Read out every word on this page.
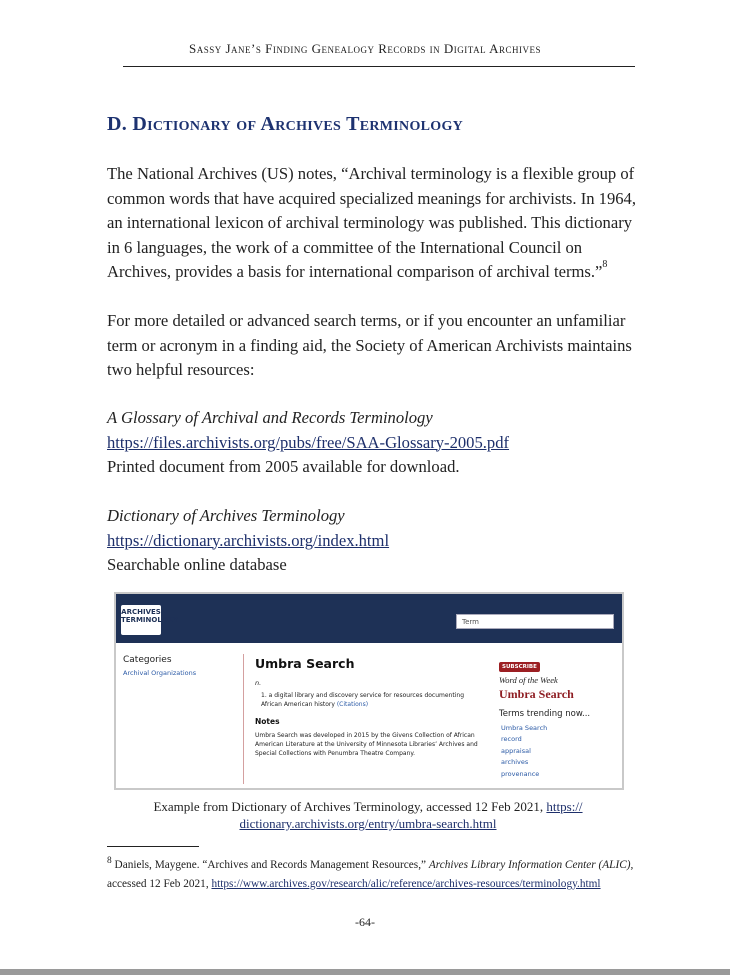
Sassy Jane’s Finding Genealogy Records in Digital Archives
D. Dictionary of Archives Terminology

The National Archives (US) notes, “Archival terminology is a flexible group of
common words that have acquired specialized meanings for archivists. In 1964,
an international lexicon of archival terminology was published. This dictionary
in 6 languages, the work of a committee of the International Council on
Archives, provides a basis for international comparison of archival terms.”$^8$

For more detailed or advanced search terms, or if you encounter an unfamiliar
term or acronym in a finding aid, the Society of American Archivists maintains
two helpful resources:

A Glossary of Archival and Records Terminology
https://files.archivists.org/pubs/free/SAA-Glossary-2005.pdf
Printed document from 2005 available for download.

Dictionary of Archives Terminology
https://dictionary.archivists.org/index.html
Searchable online database

ARCHIVES
TERMINOLOGY	Term
Categories
Archival Organizations
Umbra Search
n.
1. a digital library and discovery service for resources documenting African American history (Citations)
Notes
Umbra Search was developed in 2015 by the Givens Collection of African American Literature at the University of Minnesota Libraries’ Archives and Special Collections with Penumbra Theatre Company.
SUBSCRIBE
Word of the Week
Umbra Search
Terms trending now...
Umbra Search
record
appraisal
archives
provenance
Example from Dictionary of Archives Terminology, accessed 12 Feb 2021, https://
dictionary.archivists.org/entry/umbra-search.html

$^8$ Daniels, Maygene. “Archives and Records Management Resources,” Archives Library Information Center (ALIC),
accessed 12 Feb 2021, https://www.archives.gov/research/alic/reference/archives-resources/terminology.html

-64-
